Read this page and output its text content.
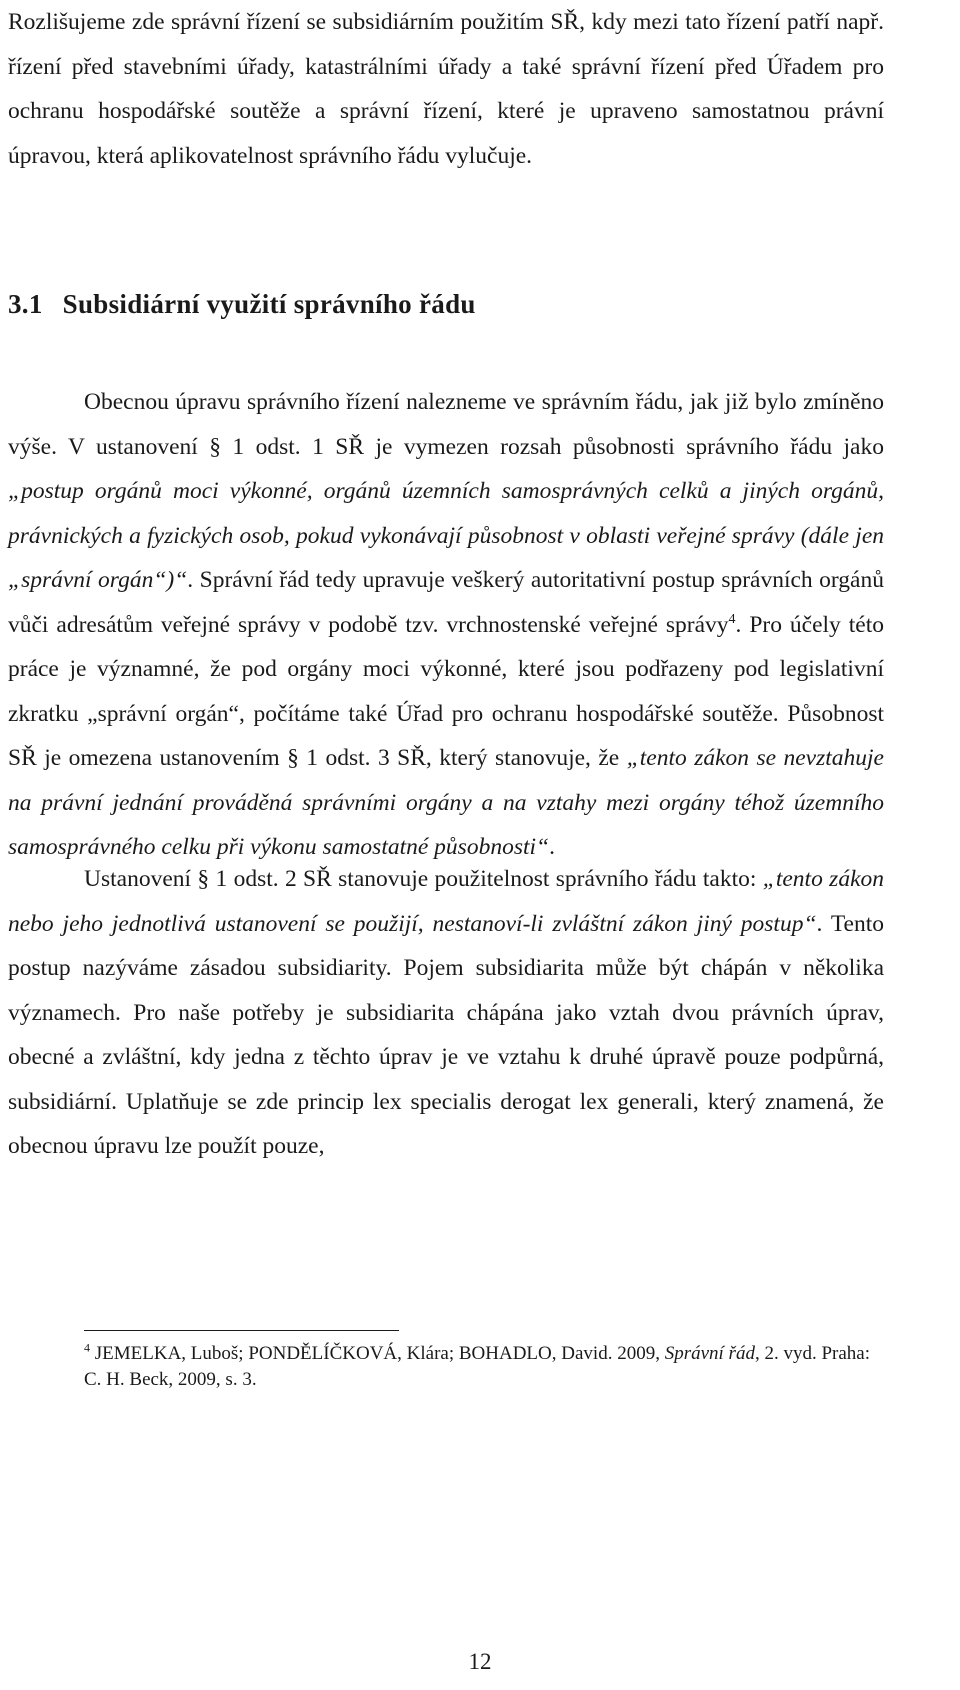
Rozlišujeme zde správní řízení se subsidiárním použitím SŘ, kdy mezi tato řízení patří např. řízení před stavebními úřady, katastrálními úřady a také správní řízení před Úřadem pro ochranu hospodářské soutěže a správní řízení, které je upraveno samostatnou právní úpravou, která aplikovatelnost správního řádu vylučuje.

3.1 Subsidiární využití správního řádu

Obecnou úpravu správního řízení nalezneme ve správním řádu, jak již bylo zmíněno výše. V ustanovení § 1 odst. 1 SŘ je vymezen rozsah působnosti správního řádu jako „postup orgánů moci výkonné, orgánů územních samosprávných celků a jiných orgánů, právnických a fyzických osob, pokud vykonávají působnost v oblasti veřejné správy (dále jen „správní orgán“)“. Správní řád tedy upravuje veškerý autoritativní postup správních orgánů vůči adresátům veřejné správy v podobě tzv. vrchnostenské veřejné správy$^4$. Pro účely této práce je významné, že pod orgány moci výkonné, které jsou podřazeny pod legislativní zkratku „správní orgán“, počítáme také Úřad pro ochranu hospodářské soutěže. Působnost SŘ je omezena ustanovením § 1 odst. 3 SŘ, který stanovuje, že „tento zákon se nevztahuje na právní jednání prováděná správními orgány a na vztahy mezi orgány téhož územního samosprávného celku při výkonu samostatné působnosti“.

Ustanovení § 1 odst. 2 SŘ stanovuje použitelnost správního řádu takto: „tento zákon nebo jeho jednotlivá ustanovení se použijí, nestanoví-li zvláštní zákon jiný postup“. Tento postup nazýváme zásadou subsidiarity. Pojem subsidiarita může být chápán v několika významech. Pro naše potřeby je subsidiarita chápána jako vztah dvou právních úprav, obecné a zvláštní, kdy jedna z těchto úprav je ve vztahu k druhé úpravě pouze podpůrná, subsidiární. Uplatňuje se zde princip lex specialis derogat lex generali, který znamená, že obecnou úpravu lze použít pouze,

$^4$ JEMELKA, Luboš; PONDĚLÍČKOVÁ, Klára; BOHADLO, David. 2009, Správní řád, 2. vyd. Praha: C. H. Beck, 2009, s. 3.

12
